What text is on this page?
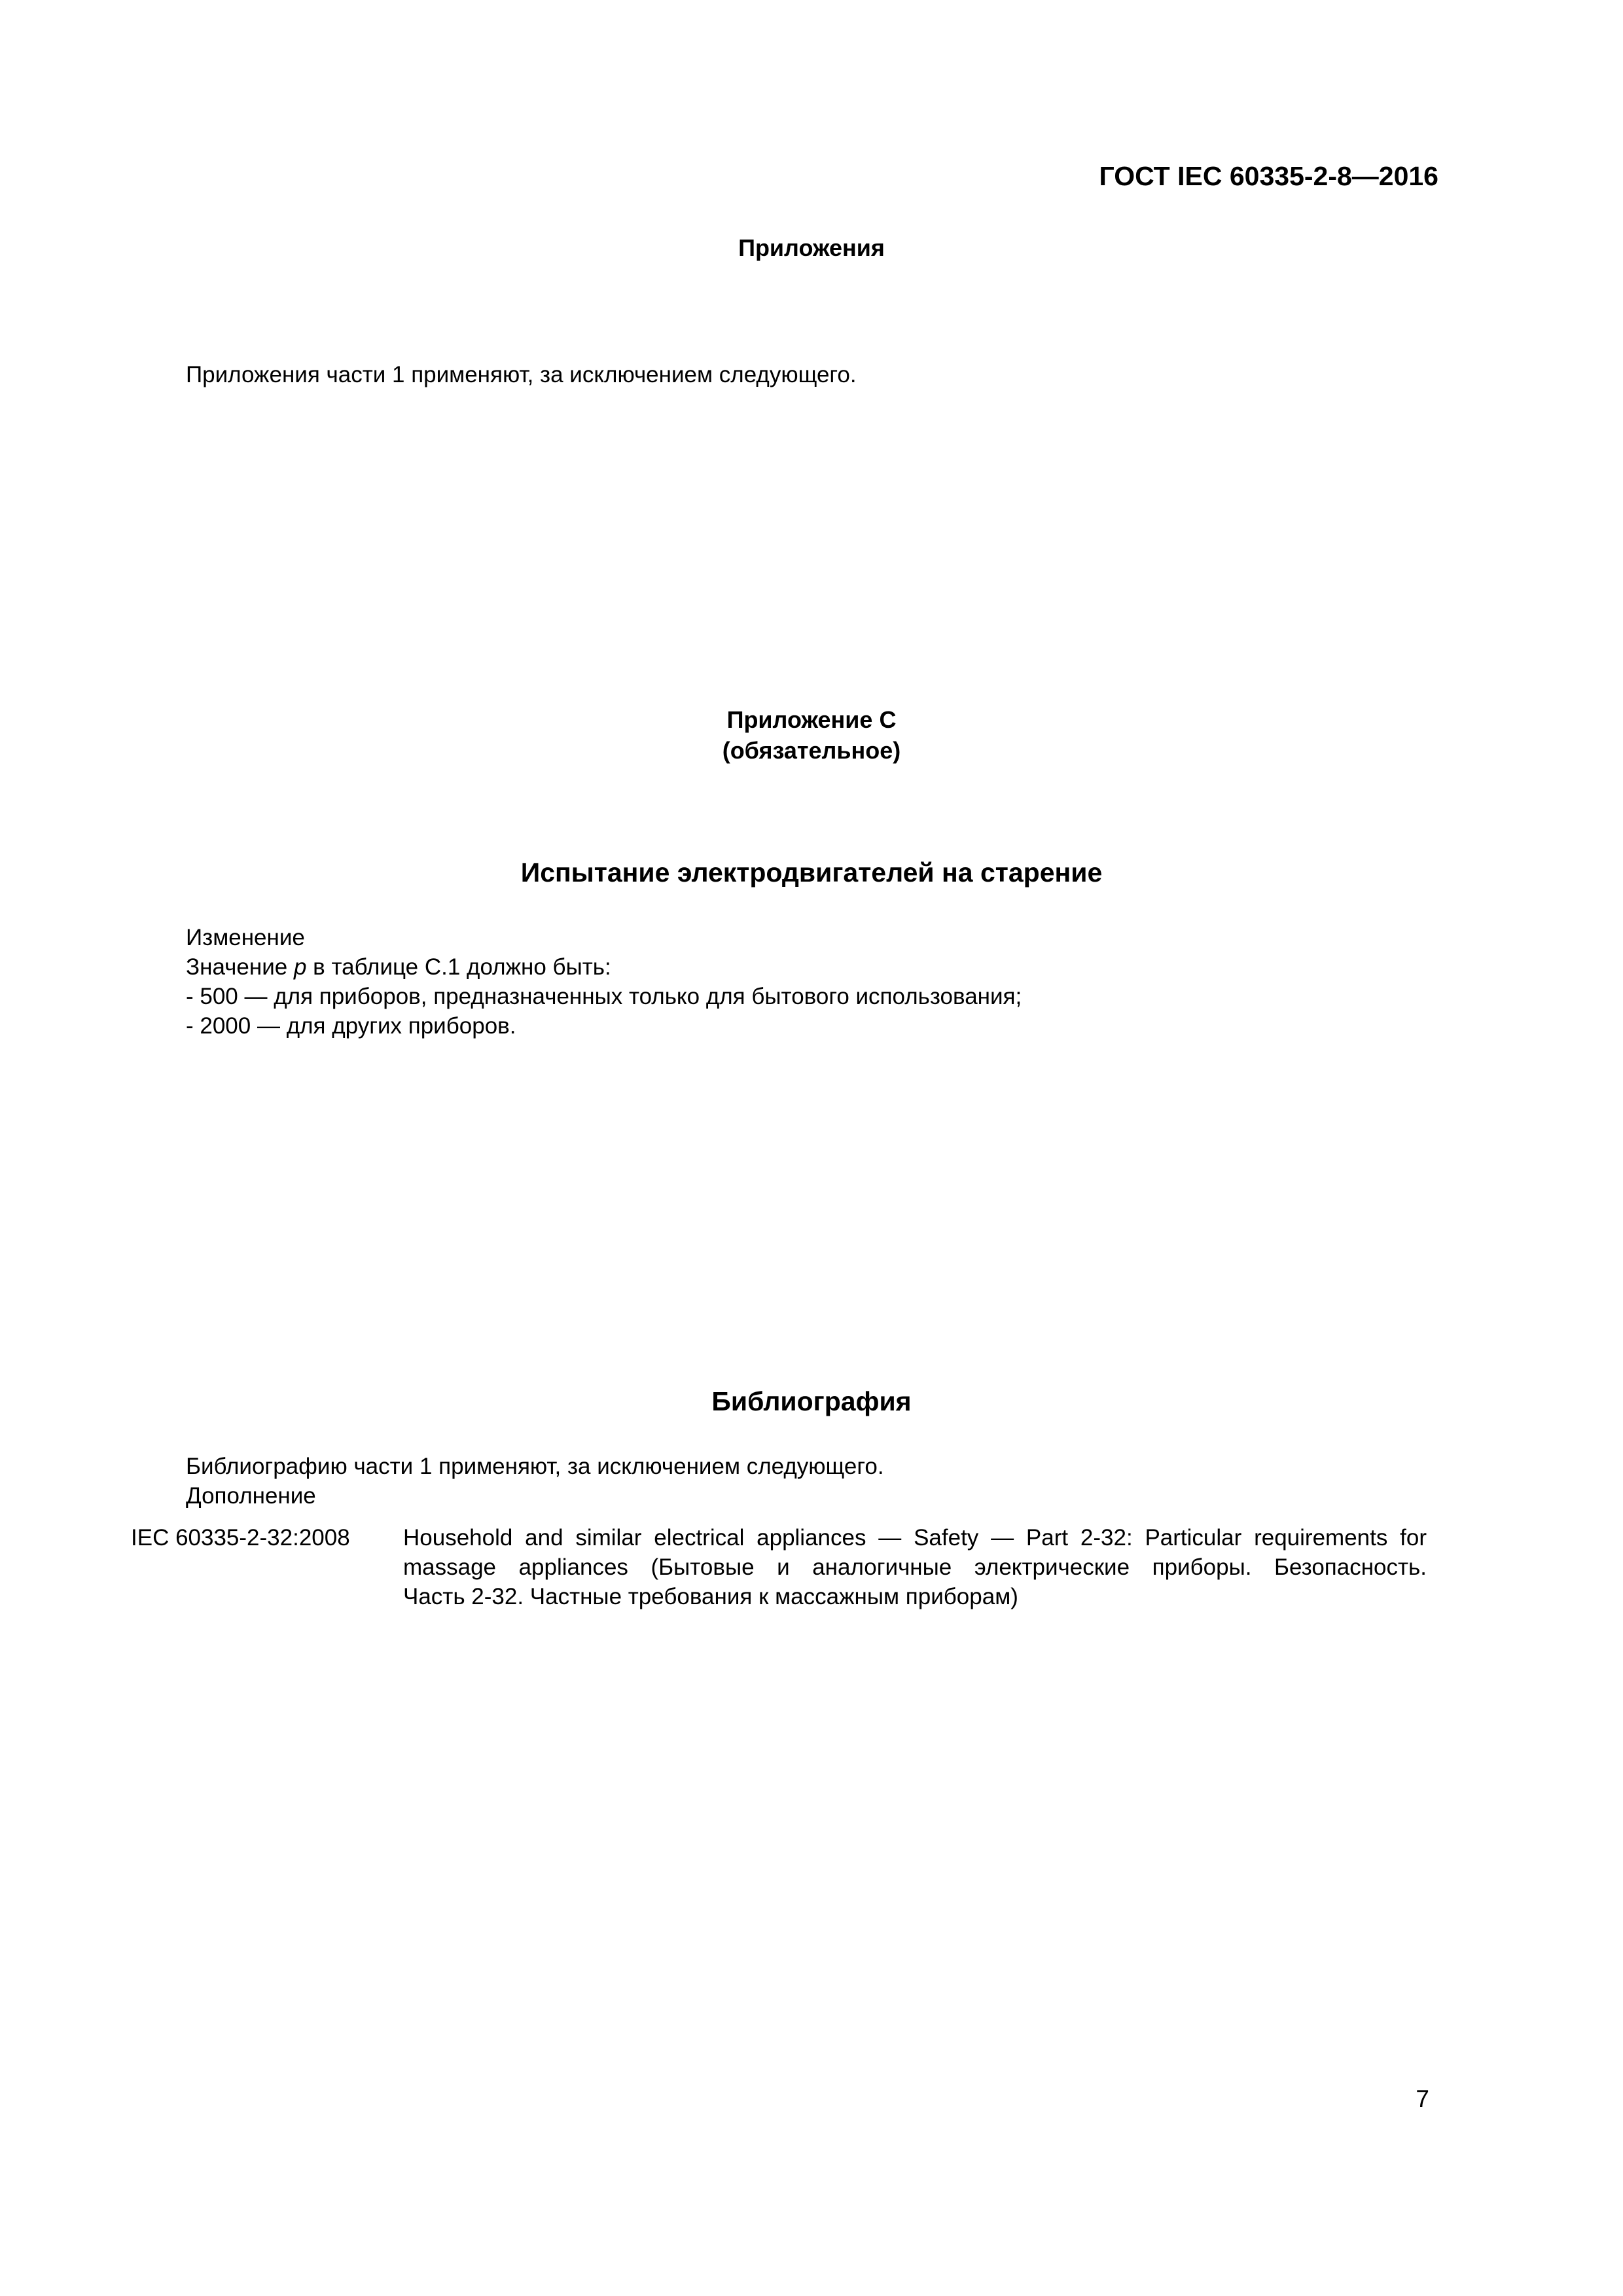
ГОСТ IEC 60335-2-8—2016
Приложения
Приложения части 1 применяют, за исключением следующего.
Приложение С
(обязательное)
Испытание электродвигателей на старение
Изменение
Значение p в таблице С.1 должно быть:
- 500 — для приборов, предназначенных только для бытового использования;
- 2000 — для других приборов.
Библиография
Библиографию части 1 применяют, за исключением следующего.
Дополнение
IEC 60335-2-32:2008 Household and similar electrical appliances — Safety — Part 2-32: Particular requirements for
massage appliances (Бытовые и аналогичные электрические приборы. Безопасность.
Часть 2-32. Частные требования к массажным приборам)
7
